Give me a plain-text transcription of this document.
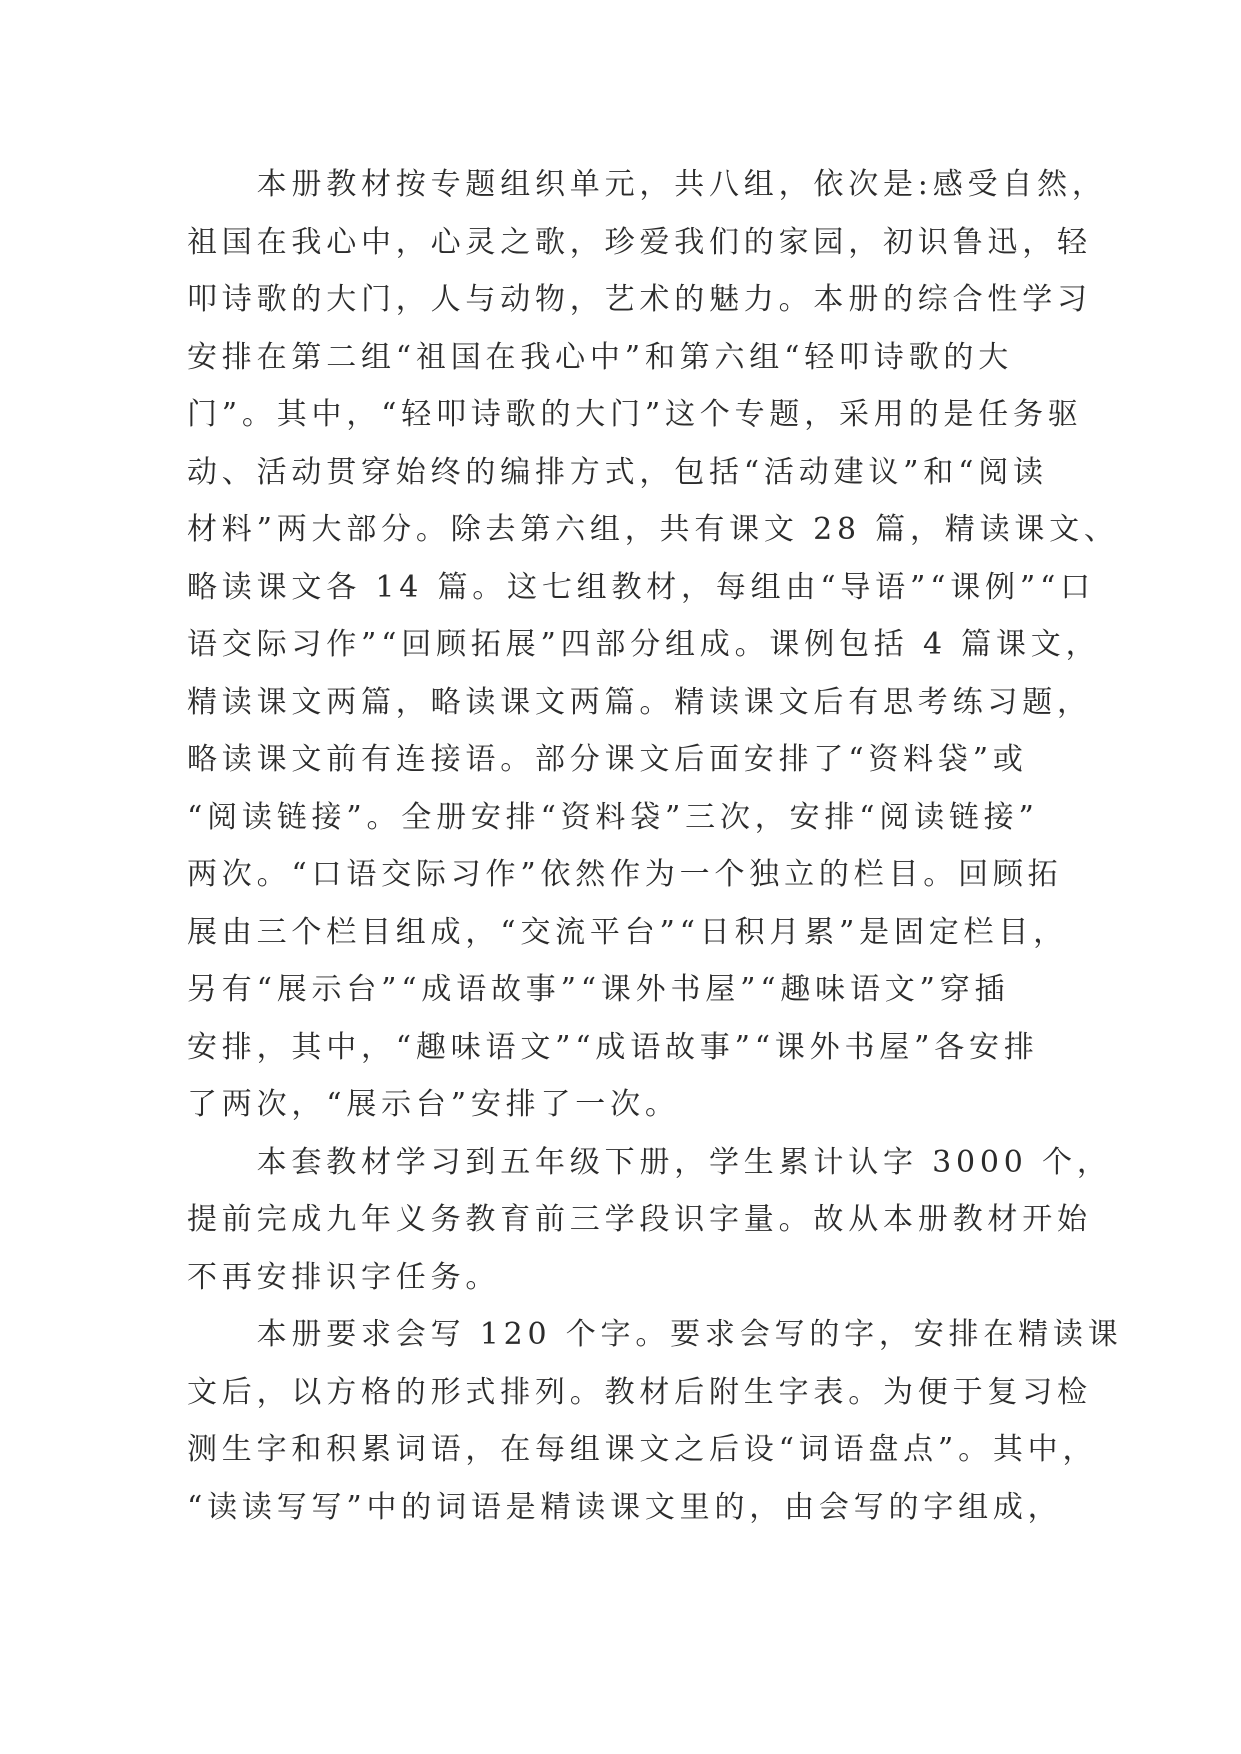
　　本册教材按专题组织单元，共八组，依次是:感受自然，
祖国在我心中，心灵之歌，珍爱我们的家园，初识鲁迅，轻
叩诗歌的大门，人与动物，艺术的魅力。本册的综合性学习
安排在第二组“祖国在我心中”和第六组“轻叩诗歌的大
门”。其中，“轻叩诗歌的大门”这个专题，采用的是任务驱
动、活动贯穿始终的编排方式，包括“活动建议”和“阅读
材料”两大部分。除去第六组，共有课文 28 篇，精读课文、
略读课文各 14 篇。这七组教材，每组由“导语”“课例”“口
语交际习作”“回顾拓展”四部分组成。课例包括 4 篇课文，
精读课文两篇，略读课文两篇。精读课文后有思考练习题，
略读课文前有连接语。部分课文后面安排了“资料袋”或
“阅读链接”。全册安排“资料袋”三次，安排“阅读链接”
两次。“口语交际习作”依然作为一个独立的栏目。回顾拓
展由三个栏目组成，“交流平台”“日积月累”是固定栏目，
另有“展示台”“成语故事”“课外书屋”“趣味语文”穿插
安排，其中，“趣味语文”“成语故事”“课外书屋”各安排
了两次，“展示台”安排了一次。
　　本套教材学习到五年级下册，学生累计认字 3000 个，
提前完成九年义务教育前三学段识字量。故从本册教材开始
不再安排识字任务。
　　本册要求会写 120 个字。要求会写的字，安排在精读课
文后，以方格的形式排列。教材后附生字表。为便于复习检
测生字和积累词语，在每组课文之后设“词语盘点”。其中，
“读读写写”中的词语是精读课文里的，由会写的字组成，
